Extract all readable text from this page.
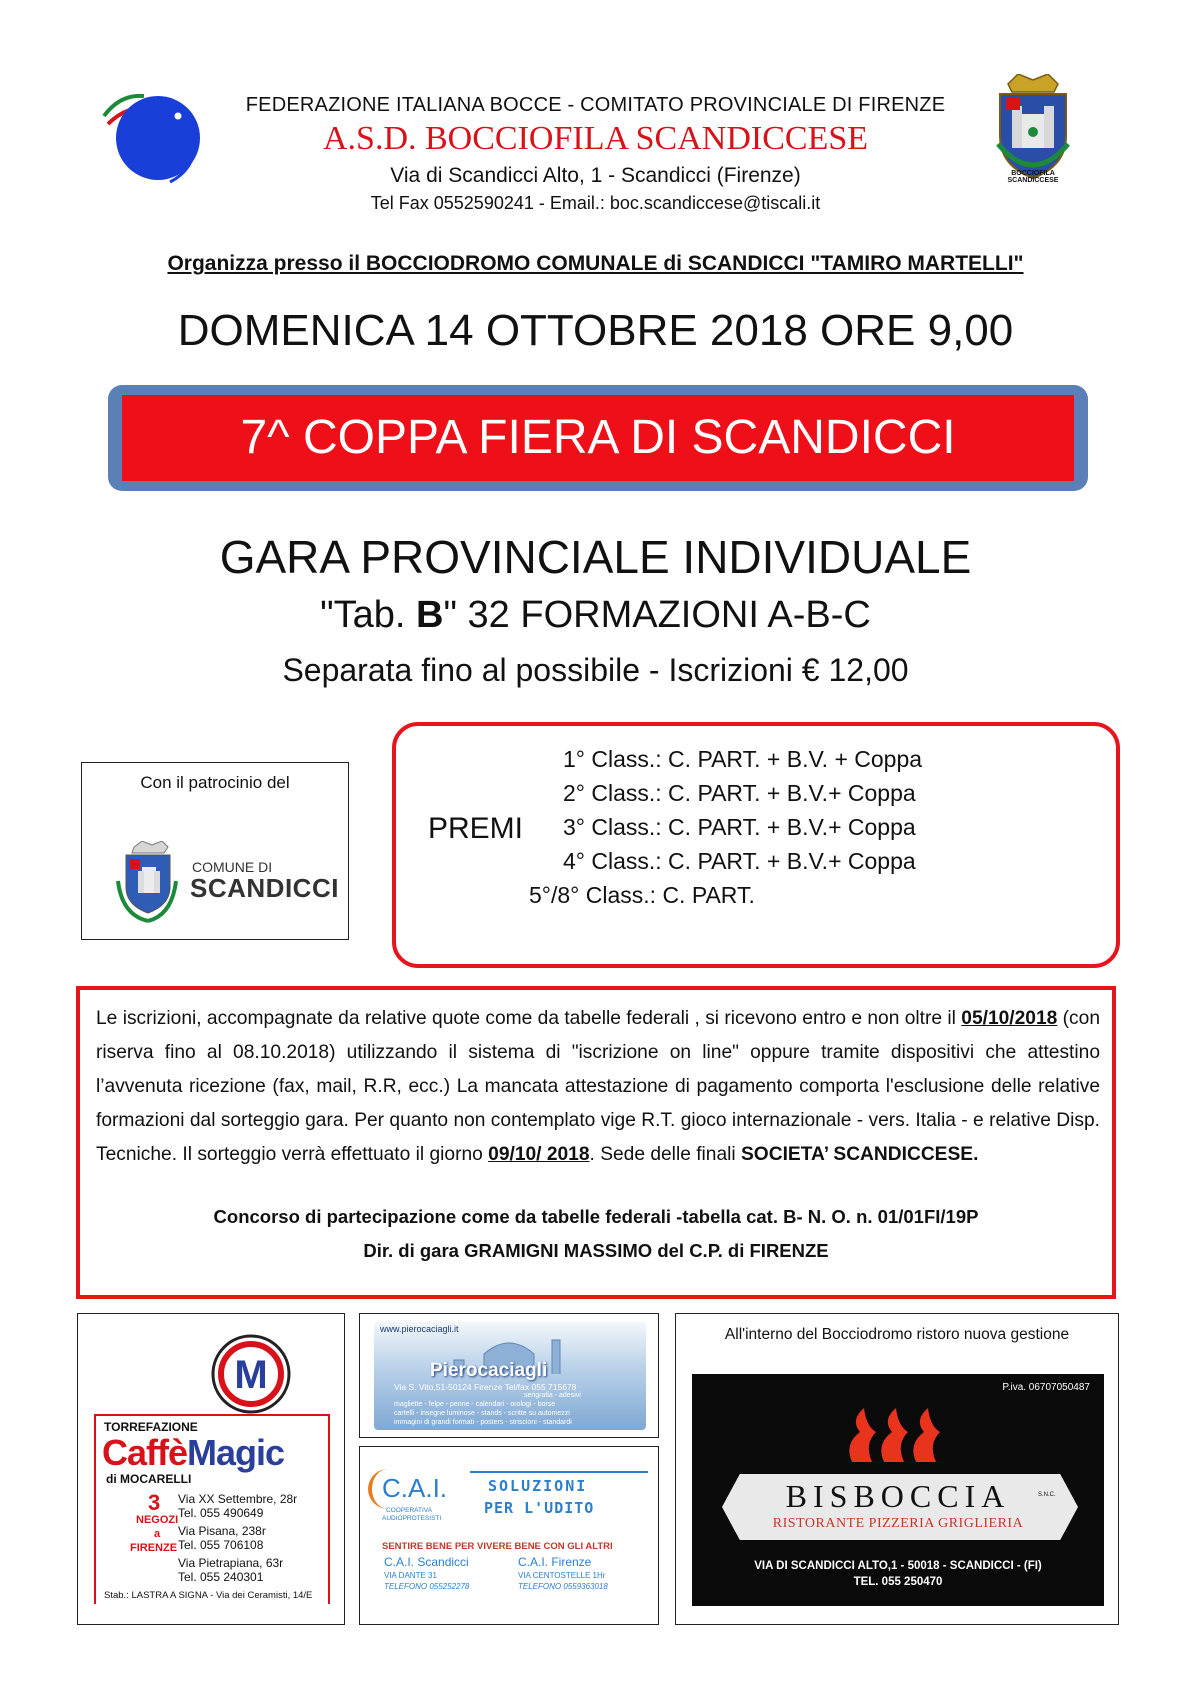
FEDERAZIONE ITALIANA BOCCE - COMITATO PROVINCIALE DI FIRENZE
A.S.D. BOCCIOFILA SCANDICCESE
Via di Scandicci Alto, 1 - Scandicci (Firenze)
Tel Fax 0552590241 - Email.: boc.scandiccese@tiscali.it
BOCCIOFILA SCANDICCESE
Organizza presso il BOCCIODROMO COMUNALE di SCANDICCI "TAMIRO MARTELLI"
DOMENICA 14 OTTOBRE 2018 ORE 9,00
7^ COPPA FIERA DI SCANDICCI
GARA PROVINCIALE INDIVIDUALE
"Tab. B" 32 FORMAZIONI A-B-C
Separata fino al possibile - Iscrizioni € 12,00
Con il patrocinio del
COMUNE DI
SCANDICCI
PREMI
1° Class.: C. PART. + B.V. + Coppa
2° Class.: C. PART. + B.V.+ Coppa
3° Class.: C. PART. + B.V.+ Coppa
4° Class.: C. PART. + B.V.+ Coppa
5°/8° Class.: C. PART.
Le iscrizioni, accompagnate da relative quote come da tabelle federali , si ricevono entro e non oltre il 05/10/2018 (con riserva fino al 08.10.2018) utilizzando il sistema di "iscrizione on line" oppure tramite dispositivi che attestino l’avvenuta ricezione (fax, mail, R.R, ecc.) La mancata attestazione di pagamento comporta l'esclusione delle relative formazioni dal sorteggio gara. Per quanto non contemplato vige R.T. gioco internazionale - vers. Italia - e relative Disp. Tecniche. Il sorteggio verrà effettuato il giorno 09/10/ 2018. Sede delle finali SOCIETA’ SCANDICCESE.
Concorso di partecipazione come da tabelle federali -tabella cat. B- N. O. n. 01/01FI/19P
Dir. di gara GRAMIGNI MASSIMO del C.P. di FIRENZE
M
TORREFAZIONE
CaffèMagic
di MOCARELLI
3
NEGOZI
a
FIRENZE
Via XX Settembre, 28r
Tel. 055 490649
Via Pisana, 238r
Tel. 055 706108
Via Pietrapiana, 63r
Tel. 055 240301
Stab.: LASTRA A SIGNA - Via dei Ceramisti, 14/E
www.pierocaciagli.it
Pierocaciagli
Via S. Vito,51-50124 Firenze Tel/fax 055 715678
serigrafia - adesivi
magliette - felpe - penne - calendari - orologi - borse
cartelli - insegne luminose - stands - scritte su automezzi
immagini di grandi formati - posters - striscioni - standardi
C.A.I.
COOPERATIVA
AUDIOPROTESISTI
SOLUZIONI
PER L'UDITO
SENTIRE BENE PER VIVERE BENE CON GLI ALTRI
C.A.I. Scandicci
VIA DANTE 31
TELEFONO 055252278
C.A.I. Firenze
VIA CENTOSTELLE 1Hr
TELEFONO 0559363018
All'interno del Bocciodromo ristoro nuova gestione
P.iva. 06707050487
BISBOCCIA	S.N.C.
RISTORANTE PIZZERIA GRIGLIERIA
VIA DI SCANDICCI ALTO,1 - 50018 - SCANDICCI - (FI)
TEL. 055 250470
